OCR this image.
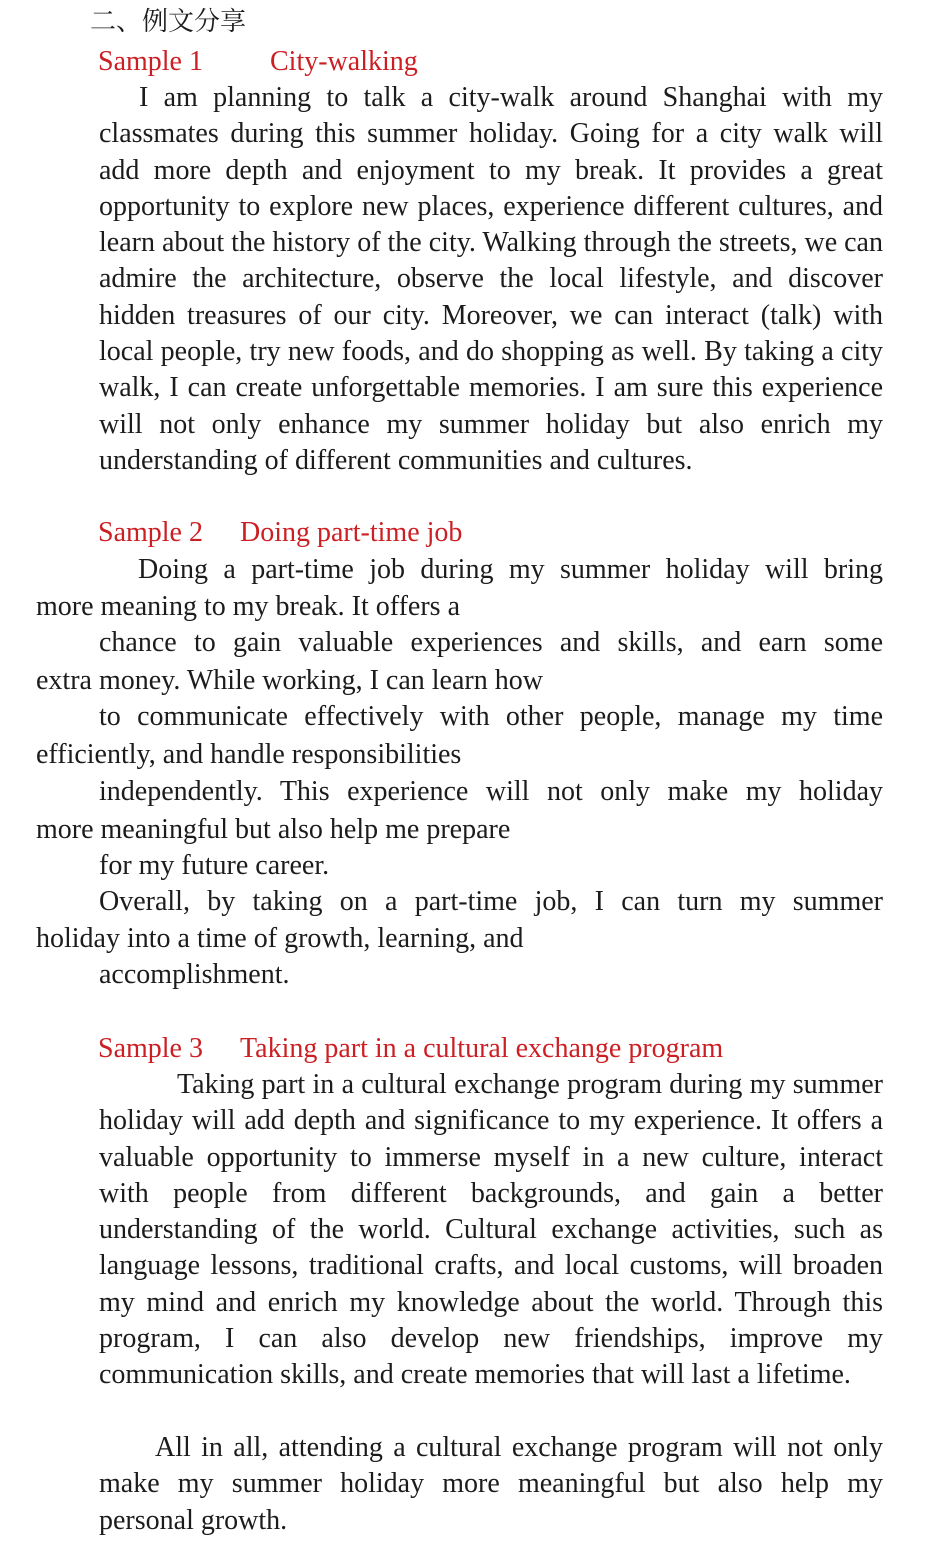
二、例文分享
Sample 1 City-walking

I am planning to talk a city-walk around Shanghai with my classmates during this summer holiday. Going for a city walk will add more depth and enjoyment to my break. It provides a great opportunity to explore new places, experience different cultures, and learn about the history of the city. Walking through the streets, we can admire the architecture, observe the local lifestyle, and discover hidden treasures of our city. Moreover, we can interact (talk) with local people, try new foods, and do shopping as well. By taking a city walk, I can create unforgettable memories. I am sure this experience will not only enhance my summer holiday but also enrich my understanding of different communities and cultures.

Sample 2 Doing part-time job
Doing a part-time job during my summer holiday will bring
more meaning to my break. It offers a
chance to gain valuable experiences and skills, and earn some
extra money. While working, I can learn how
to communicate effectively with other people, manage my time
efficiently, and handle responsibilities
independently. This experience will not only make my holiday
more meaningful but also help me prepare
for my future career.
Overall, by taking on a part-time job, I can turn my summer
holiday into a time of growth, learning, and
accomplishment.
Sample 3 Taking part in a cultural exchange program

Taking part in a cultural exchange program during my summer holiday will add depth and significance to my experience. It offers a valuable opportunity to immerse myself in a new culture, interact with people from different backgrounds, and gain a better understanding of the world. Cultural exchange activities, such as language lessons, traditional crafts, and local customs, will broaden my mind and enrich my knowledge about the world. Through this program, I can also develop new friendships, improve my communication skills, and create memories that will last a lifetime.

All in all, attending a cultural exchange program will not only make my summer holiday more meaningful but also help my personal growth.
